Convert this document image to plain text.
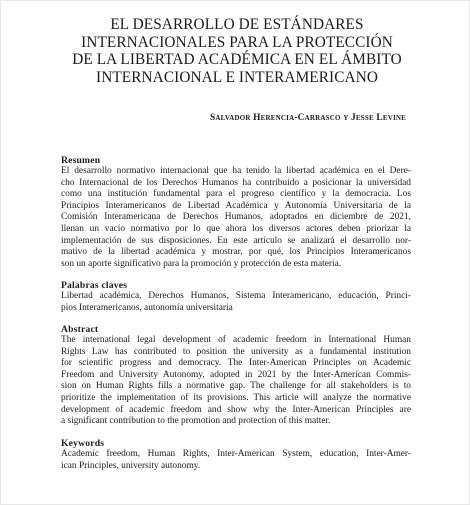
EL DESARROLLO DE ESTÁNDARES
INTERNACIONALES PARA LA PROTECCIÓN
DE LA LIBERTAD ACADÉMICA EN EL ÁMBITO
INTERNACIONAL E INTERAMERICANO
Salvador Herencia-Carrasco y Jesse Levine
Resumen
El desarrollo normativo internacional que ha tenido la libertad académica en el Dere-
cho Internacional de los Derechos Humanos ha contribuido a posicionar la universidad
como una institución fundamental para el progreso científico y la democracia. Los
Principios Interamericanos de Libertad Académica y Autonomía Universitaria de la
Comisión Interamericana de Derechos Humanos, adoptados en diciembre de 2021,
llenan un vacío normativo por lo que ahora los diversos actores deben priorizar la
implementación de sus disposiciones. En este artículo se analizará el desarrollo nor-
mativo de la libertad académica y mostrar, por qué, los Principios Interamericanos
son un aporte significativo para la promoción y protección de esta materia.
Palabras claves
Libertad académica, Derechos Humanos, Sistema Interamericano, educación, Princi-
pios Interamericanos, autonomía universitaria
Abstract
The international legal development of academic freedom in International Human
Rights Law has contributed to position the university as a fundamental institution
for scientific progress and democracy. The Inter-American Principles on Academic
Freedom and University Autonomy, adopted in 2021 by the Inter-American Commis-
sion on Human Rights fills a normative gap. The challenge for all stakeholders is to
prioritize the implementation of its provisions. This article will analyze the normative
development of academic freedom and show why the Inter-American Principles are
a significant contribution to the promotion and protection of this matter.
Keywords
Academic freedom, Human Rights, Inter-American System, education, Inter-Amer-
ican Principles, university autonomy.
